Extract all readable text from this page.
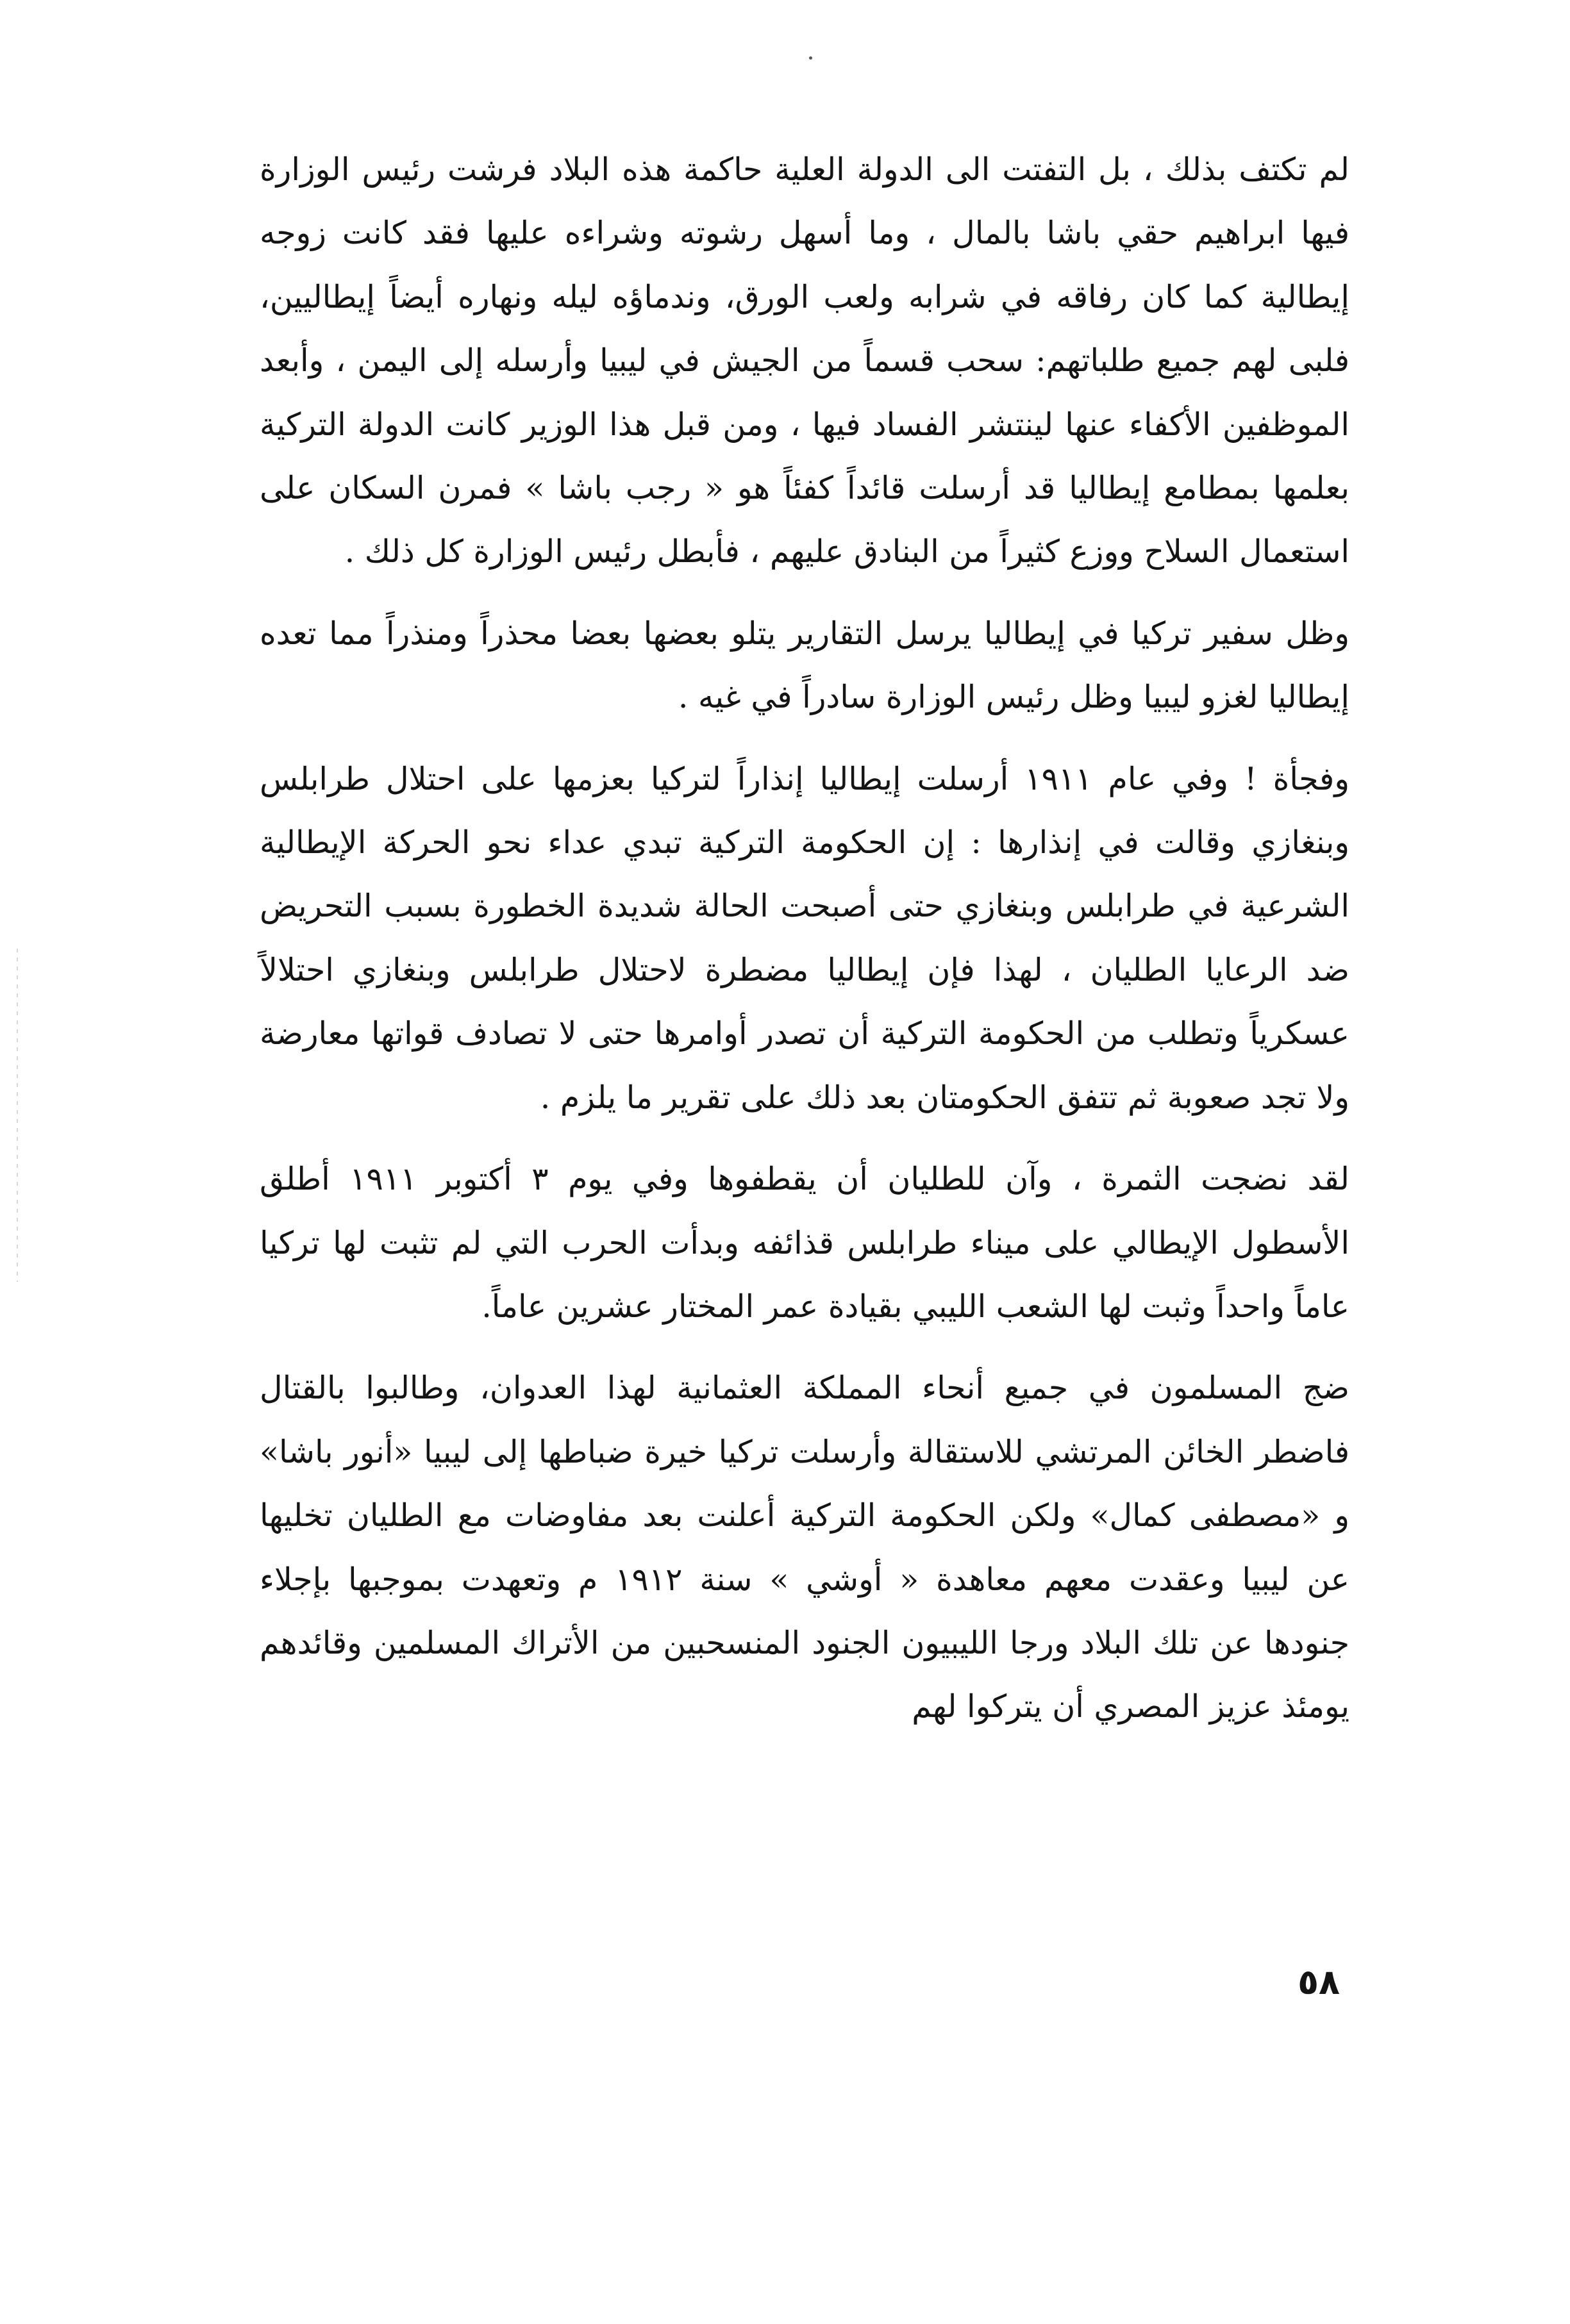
لم تكتف بذلك ، بل التفتت الى الدولة العلية حاكمة هذه البلاد فرشت رئيس الوزارة فيها ابراهيم حقي باشا بالمال ، وما أسهل رشوته وشراءه عليها فقد كانت زوجه إيطالية كما كان رفاقه في شرابه ولعب الورق، وندماؤه ليله ونهاره أيضاً إيطاليين، فلبى لهم جميع طلباتهم: سحب قسماً من الجيش في ليبيا وأرسله إلى اليمن ، وأبعد الموظفين الأكفاء عنها لينتشر الفساد فيها ، ومن قبل هذا الوزير كانت الدولة التركية بعلمها بمطامع إيطاليا قد أرسلت قائداً كفئاً هو « رجب باشا » فمرن السكان على استعمال السلاح ووزع كثيراً من البنادق عليهم ، فأبطل رئيس الوزارة كل ذلك .

وظل سفير تركيا في إيطاليا يرسل التقارير يتلو بعضها بعضا محذراً ومنذراً مما تعده إيطاليا لغزو ليبيا وظل رئيس الوزارة سادراً في غيه .

وفجأة ! وفي عام ١٩١١ أرسلت إيطاليا إنذاراً لتركيا بعزمها على احتلال طرابلس وبنغازي وقالت في إنذارها : إن الحكومة التركية تبدي عداء نحو الحركة الإيطالية الشرعية في طرابلس وبنغازي حتى أصبحت الحالة شديدة الخطورة بسبب التحريض ضد الرعايا الطليان ، لهذا فإن إيطاليا مضطرة لاحتلال طرابلس وبنغازي احتلالاً عسكرياً وتطلب من الحكومة التركية أن تصدر أوامرها حتى لا تصادف قواتها معارضة ولا تجد صعوبة ثم تتفق الحكومتان بعد ذلك على تقرير ما يلزم .

لقد نضجت الثمرة ، وآن للطليان أن يقطفوها وفي يوم ٣ أكتوبر ١٩١١ أطلق الأسطول الإيطالي على ميناء طرابلس قذائفه وبدأت الحرب التي لم تثبت لها تركيا عاماً واحداً وثبت لها الشعب الليبي بقيادة عمر المختار عشرين عاماً.

ضج المسلمون في جميع أنحاء المملكة العثمانية لهذا العدوان، وطالبوا بالقتال فاضطر الخائن المرتشي للاستقالة وأرسلت تركيا خيرة ضباطها إلى ليبيا «أنور باشا» و «مصطفى كمال» ولكن الحكومة التركية أعلنت بعد مفاوضات مع الطليان تخليها عن ليبيا وعقدت معهم معاهدة « أوشي » سنة ١٩١٢ م وتعهدت بموجبها بإجلاء جنودها عن تلك البلاد ورجا الليبيون الجنود المنسحبين من الأتراك المسلمين وقائدهم يومئذ عزيز المصري أن يتركوا لهم

٥٨
